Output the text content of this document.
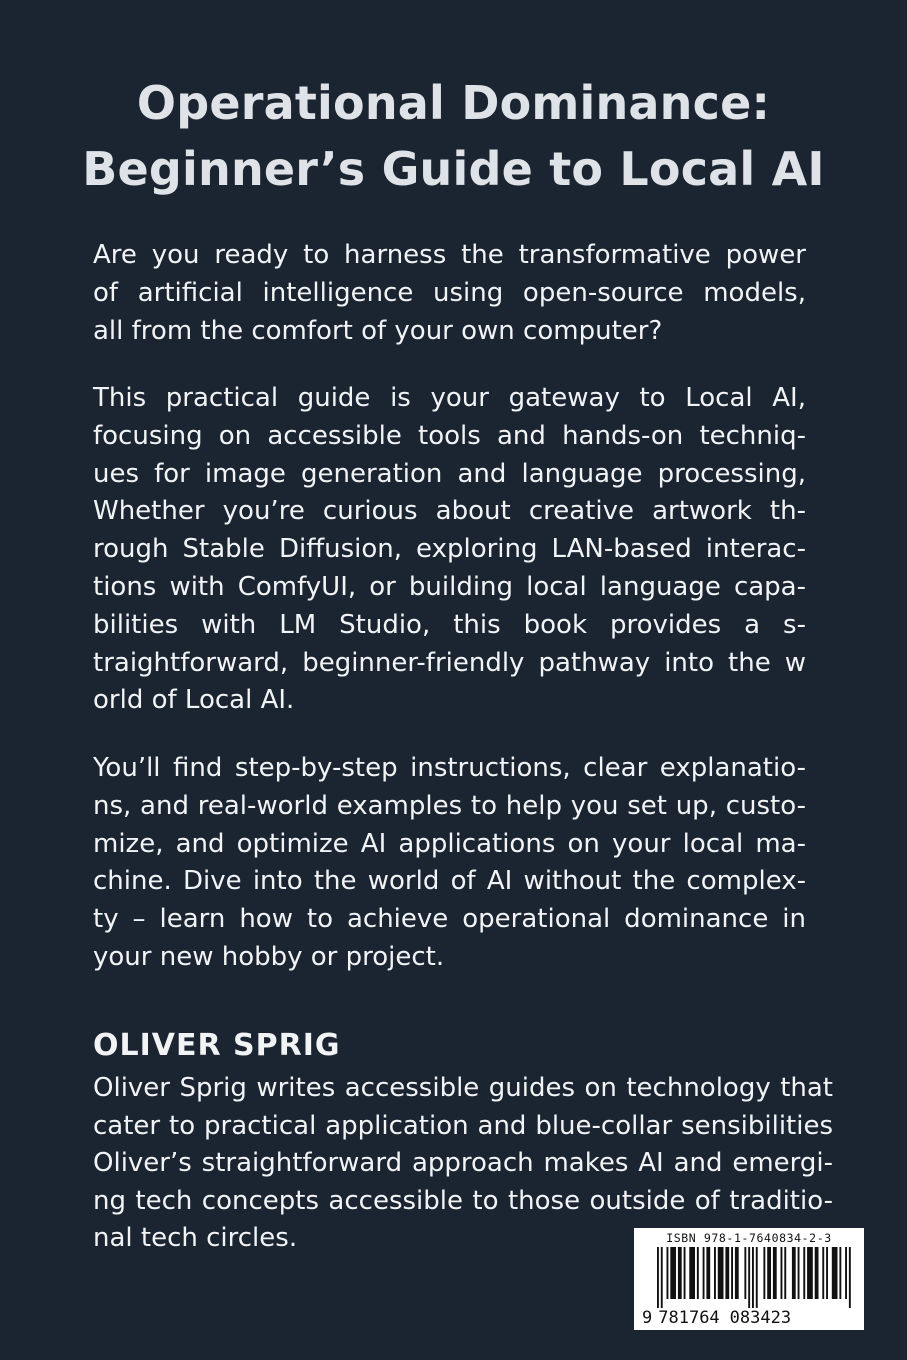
Operational Dominance:
Beginner’s Guide to Local AI
Are you ready to harness the transformative power
of artificial intelligence using open-source models,
all from the comfort of your own computer?
This practical guide is your gateway to Local AI,
focusing on accessible tools and hands-on techniq-
ues for image generation and language processing,
Whether you’re curious about creative artwork th-
rough Stable Diffusion, exploring LAN-based interac-
tions with ComfyUI, or building local language capa-
bilities with LM Studio, this book provides a s-
traightforward, beginner-friendly pathway into the w
orld of Local AI.
You’ll find step-by-step instructions, clear explanatio-
ns, and real-world examples to help you set up, custo-
mize, and optimize AI applications on your local ma-
chine. Dive into the world of AI without the complex-
ty – learn how to achieve operational dominance in
your new hobby or project.
OLIVER SPRIG
Oliver Sprig writes accessible guides on technology that
cater to practical application and blue-collar sensibilities
Oliver’s straightforward approach makes AI and emergi-
ng tech concepts accessible to those outside of traditio-
nal tech circles.	ISBN 978-1-7640834-2-3
9 781764 083423
